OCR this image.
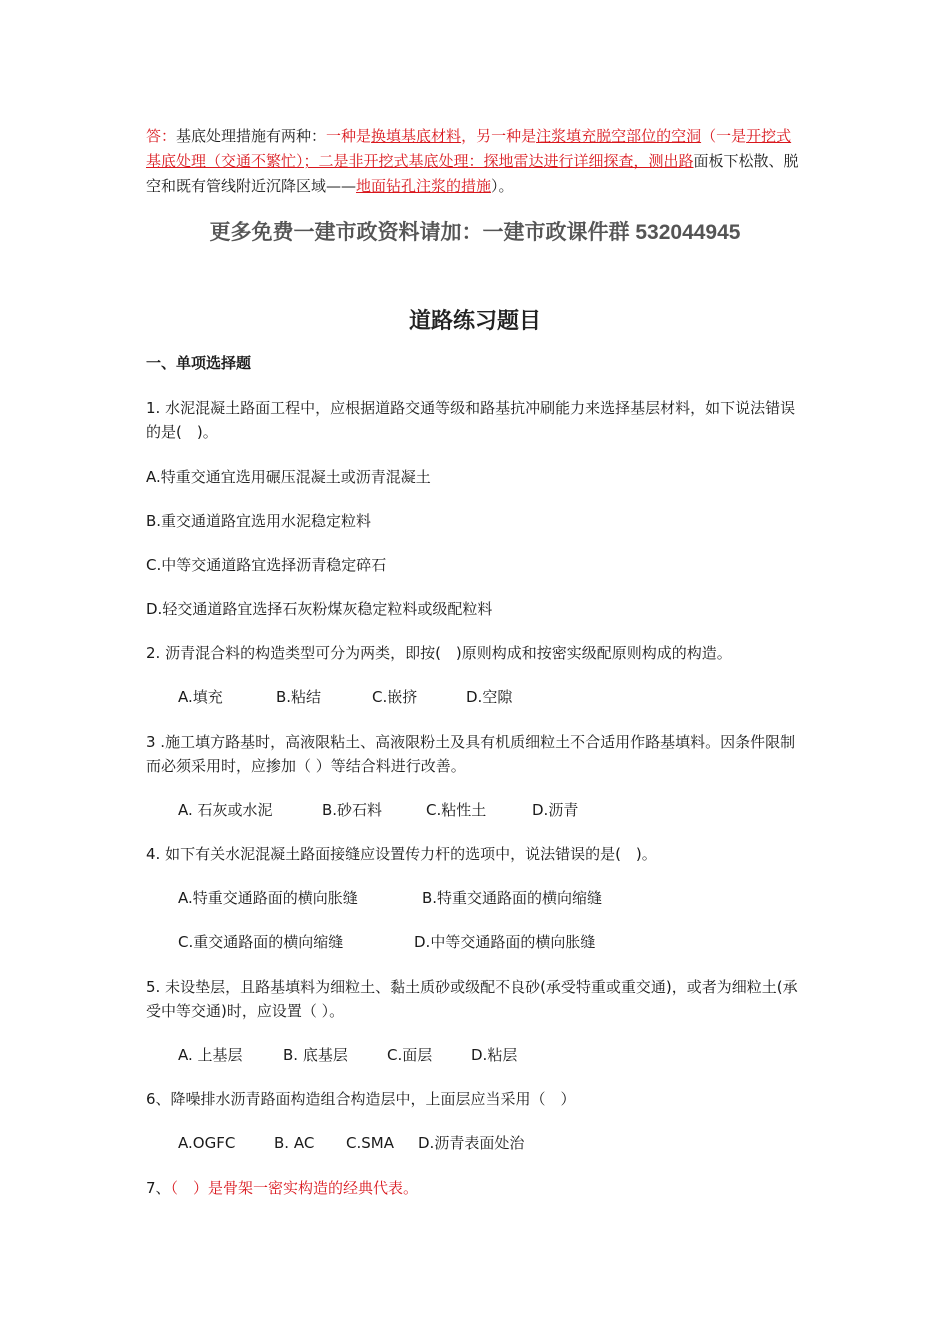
答：基底处理措施有两种：一种是换填基底材料，另一种是注浆填充脱空部位的空洞（一是开挖式基底处理（交通不繁忙）；二是非开挖式基底处理：探地雷达进行详细探查，测出路面板下松散、脱空和既有管线附近沉降区域——地面钻孔注浆的措施）。
更多免费一建市政资料请加：一建市政课件群 532044945
道路练习题目
一、单项选择题
1. 水泥混凝土路面工程中，应根据道路交通等级和路基抗冲刷能力来选择基层材料，如下说法错误的是(　)。
A.特重交通宜选用碾压混凝土或沥青混凝土
B.重交通道路宜选用水泥稳定粒料
C.中等交通道路宜选择沥青稳定碎石
D.轻交通道路宜选择石灰粉煤灰稳定粒料或级配粒料
2. 沥青混合料的构造类型可分为两类，即按(　)原则构成和按密实级配原则构成的构造。
A.填充	B.粘结	C.嵌挤	D.空隙
3 .施工填方路基时，高液限粘土、高液限粉土及具有机质细粒土不合适用作路基填料。因条件限制而必须采用时，应掺加（ ）等结合料进行改善。
A. 石灰或水泥	B.砂石料	C.粘性土	D.沥青
4. 如下有关水泥混凝土路面接缝应设置传力杆的选项中，说法错误的是(　)。
A.特重交通路面的横向胀缝	B.特重交通路面的横向缩缝
C.重交通路面的横向缩缝	D.中等交通路面的横向胀缝
5. 未设垫层，且路基填料为细粒土、黏土质砂或级配不良砂(承受特重或重交通)，或者为细粒土(承受中等交通)时，应设置（ ）。
A. 上基层	B. 底基层	C.面层	D.粘层
6、降噪排水沥青路面构造组合构造层中，上面层应当采用（　）
A.OGFC	B. AC C.SMA D.沥青表面处治
7、（　）是骨架一密实构造的经典代表。
